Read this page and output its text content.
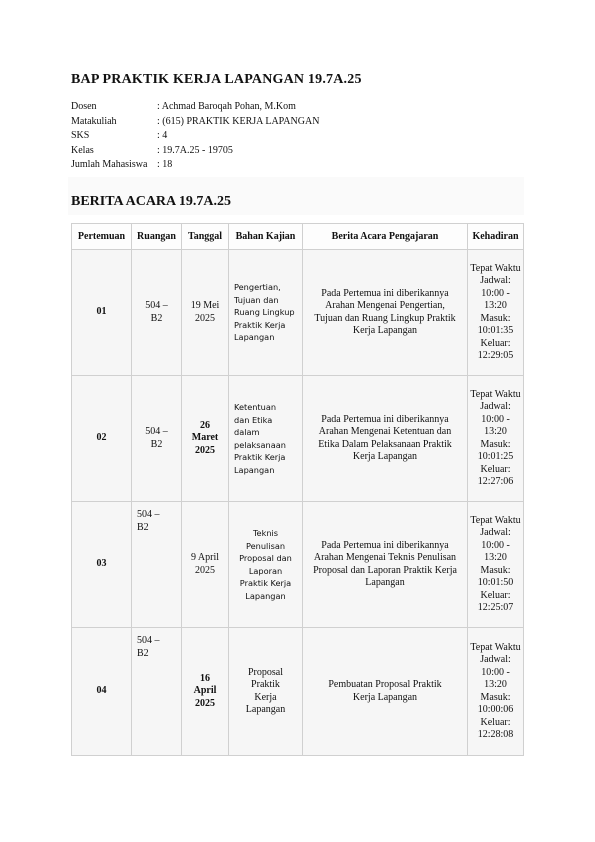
BAP PRAKTIK KERJA LAPANGAN 19.7A.25
Dosen	: Achmad Baroqah Pohan, M.Kom
Matakuliah	: (615) PRAKTIK KERJA LAPANGAN
SKS	: 4
Kelas	: 19.7A.25 - 19705
Jumlah Mahasiswa : 18
BERITA ACARA 19.7A.25
Pertemuan	Ruangan	Tanggal	Bahan Kajian	Berita Acara Pengajaran	Kehadiran
01	504 – B2	19 Mei 2025	Pengertian, Tujuan dan Ruang Lingkup Praktik Kerja Lapangan	Pada Pertemua ini diberikannya Arahan Mengenai Pengertian, Tujuan dan Ruang Lingkup Praktik Kerja Lapangan	Tepat Waktu Jadwal: 10:00 - 13:20 Masuk: 10:01:35 Keluar: 12:29:05

02	504 – B2	26 Maret 2025	Ketentuan dan Etika dalam pelaksanaan Praktik Kerja Lapangan	Pada Pertemua ini diberikannya Arahan Mengenai Ketentuan dan Etika Dalam Pelaksanaan Praktik Kerja Lapangan	Tepat Waktu Jadwal: 10:00 - 13:20 Masuk: 10:01:25 Keluar: 12:27:06

03	504 – B2	9 April 2025	Teknis Penulisan Proposal dan Laporan Praktik Kerja Lapangan	Pada Pertemua ini diberikannya Arahan Mengenai Teknis Penulisan Proposal dan Laporan Praktik Kerja Lapangan	Tepat Waktu Jadwal: 10:00 - 13:20 Masuk: 10:01:50 Keluar: 12:25:07

04	504 – B2	16 April 2025	Proposal Praktik Kerja Lapangan	Pembuatan Proposal Praktik Kerja Lapangan	Tepat Waktu Jadwal: 10:00 - 13:20 Masuk: 10:00:06 Keluar: 12:28:08
